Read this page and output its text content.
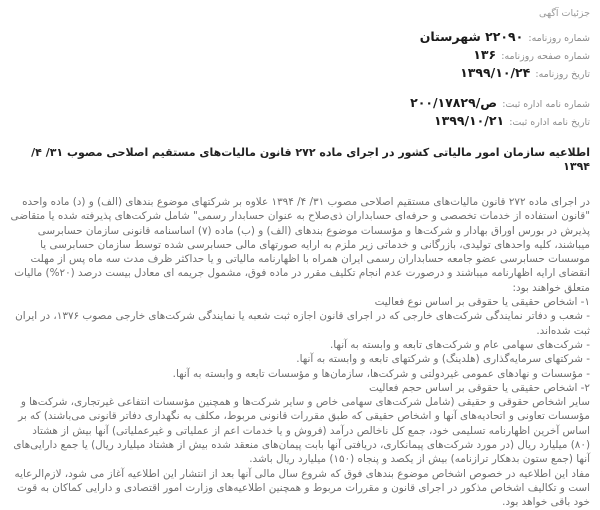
جزئیات آگهی
شماره روزنامه: ۲۲۰۹۰ شهرستان
شماره صفحه روزنامه: ۱۳۶
تاریخ روزنامه: ۱۳۹۹/۱۰/۲۴
شماره نامه اداره ثبت: ص/۲۰۰/۱۷۸۲۹
تاریخ نامه اداره ثبت: ۱۳۹۹/۱۰/۲۱
اطلاعیه سازمان امور مالیاتی کشور در اجرای ماده ۲۷۲ قانون مالیات‌های مستقیم اصلاحی مصوب ۳۱/ ۴/ ۱۳۹۴

در اجرای ماده ۲۷۲ قانون مالیات‌های مستقیم اصلاحی مصوب ۳۱/ ۴/ ۱۳۹۴ علاوه بر شرکتهای موضوع بندهای (الف) و (د) ماده واحده "قانون استفاده از خدمات تخصصی و حرفه‌ای حسابداران ذی‌صلاح به عنوان حسابدار رسمی" شامل شرکت‌های پذیرفته شده یا متقاضی پذیرش در بورس اوراق بهادار و شرکت‌ها و مؤسسات موضوع بندهای (الف) و (ب) ماده (۷) اساسنامه قانونی سازمان حسابرسی میباشند، کلیه واحدهای تولیدی، بازرگانی و خدماتی زیر ملزم به ارایه صورتهای مالی حسابرسی شده توسط سازمان حسابرسی یا موسسات حسابرسی عضو جامعه حسابداران رسمی ایران همراه با اظهارنامه مالیاتی و یا حداکثر ظرف مدت سه ماه پس از مهلت انقضای ارایه اظهارنامه میباشند و درصورت عدم انجام تکلیف مقرر در ماده فوق، مشمول جریمه ای معادل بیست درصد (۲۰%) مالیات متعلق خواهند بود:

۱- اشخاص حقیقی یا حقوقی بر اساس نوع فعالیت

- شعب و دفاتر نمایندگی شرکت‌های خارجی که در اجرای قانون اجازه ثبت شعبه یا نمایندگی شرکت‌های خارجی مصوب ۱۳۷۶، در ایران ثبت شده‌اند.

- شرکت‌های سهامی عام و شرکت‌های تابعه و وابسته به آنها.

- شرکتهای سرمایه‌گذاری (هلدینگ) و شرکتهای تابعه و وابسته به آنها.

- مؤسسات و نهادهای عمومی غیردولتی و شرکت‌ها، سازمان‌ها و مؤسسات تابعه و وابسته به آنها.

۲- اشخاص حقیقی یا حقوقی بر اساس حجم فعالیت

سایر اشخاص حقوقی و حقیقی (شامل شرکت‌های سهامی خاص و سایر شرکت‌ها و همچنین مؤسسات انتفاعی غیرتجاری، شرکت‌ها و مؤسسات تعاونی و اتحادیه‌های آنها و اشخاص حقیقی که طبق مقررات قانونی مربوط، مکلف به نگهداری دفاتر قانونی می‌باشند) که بر اساس آخرین اظهارنامه تسلیمی خود، جمع کل ناخالص درآمد (فروش و یا خدمات اعم از عملیاتی و غیرعملیاتی) آنها بیش از هشتاد (۸۰) میلیارد ریال (در مورد شرکت‌های پیمانکاری، دریافتی آنها بابت پیمان‌های منعقد شده بیش از هشتاد میلیارد ریال) یا جمع دارایی‌های آنها (جمع ستون بدهکار ترازنامه) بیش از یکصد و پنجاه (۱۵۰) میلیارد ریال باشد.

مفاد این اطلاعیه در خصوص اشخاص موضوع بندهای فوق که شروع سال مالی آنها بعد از انتشار این اطلاعیه آغاز می شود، لازم‌الرعایه است و تکالیف اشخاص مذکور در اجرای قانون و مقررات مربوط و همچنین اطلاعیه‌های وزارت امور اقتصادی و دارایی کماکان به قوت خود باقی خواهد بود.
